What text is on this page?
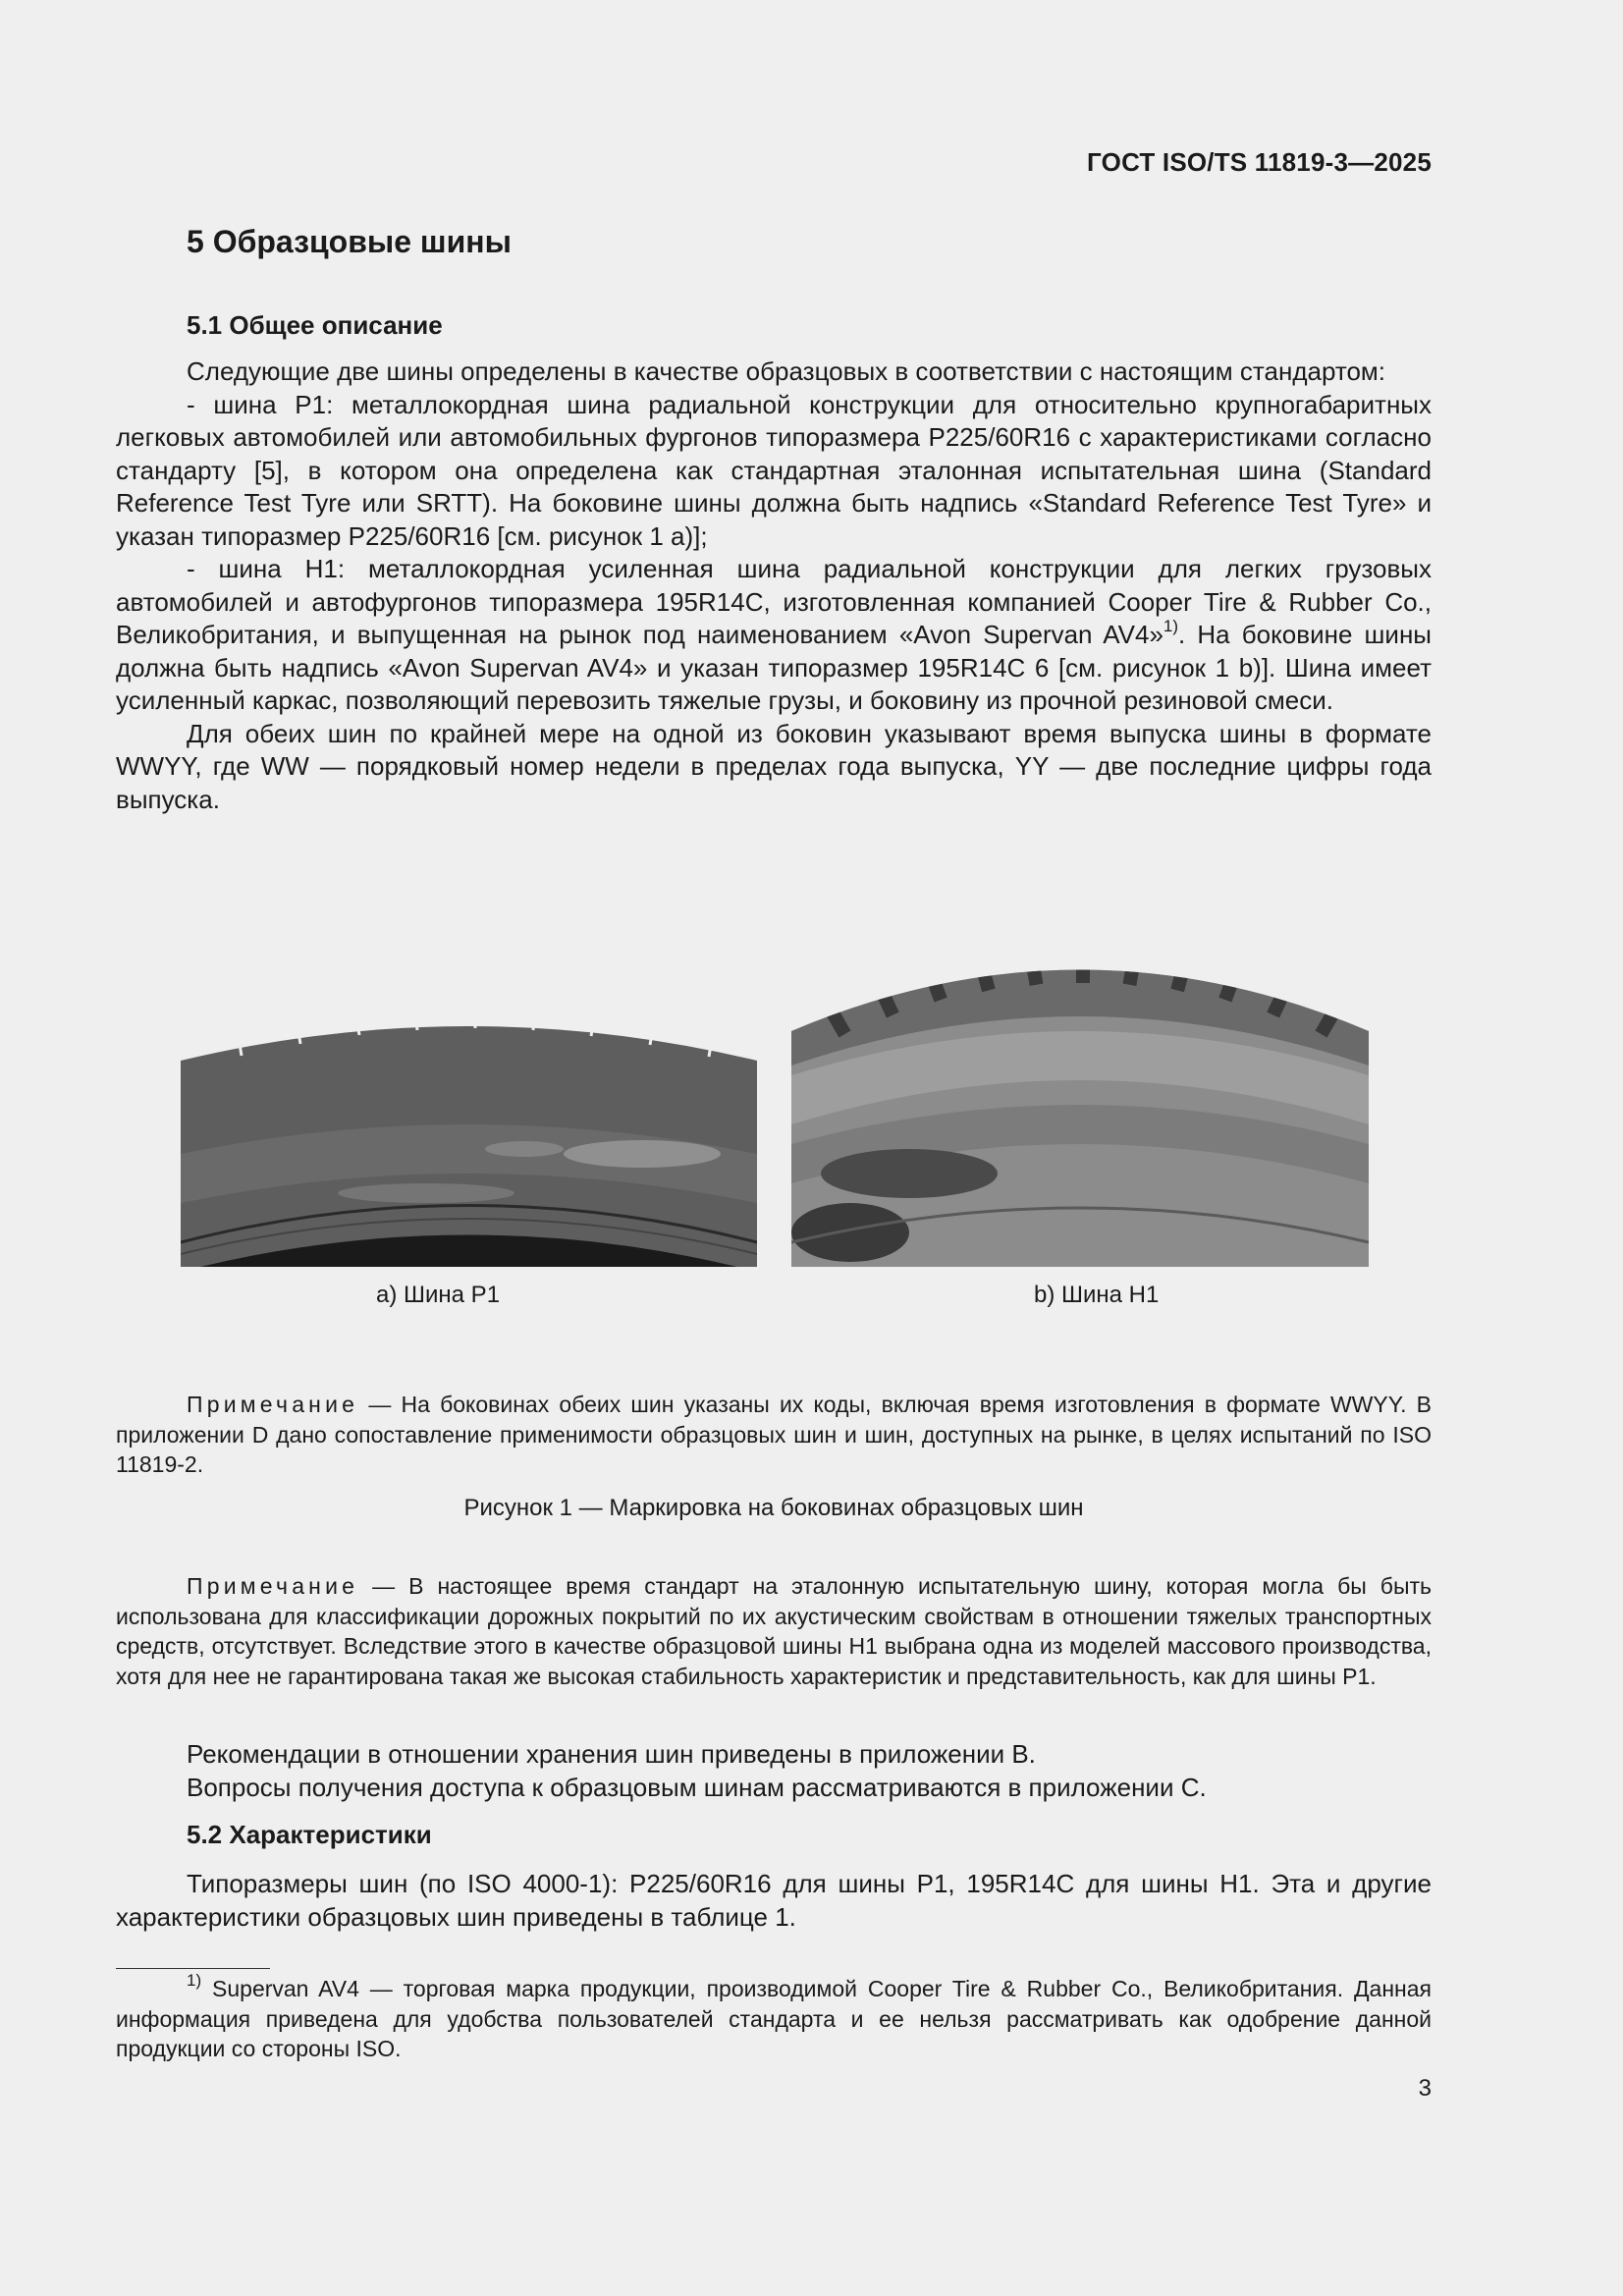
ГОСТ ISO/TS 11819-3—2025
5 Образцовые шины
5.1 Общее описание

Следующие две шины определены в качестве образцовых в соответствии с настоящим стандартом:

- шина P1: металлокордная шина радиальной конструкции для относительно крупногабаритных легковых автомобилей или автомобильных фургонов типоразмера P225/60R16 с характеристиками согласно стандарту [5], в котором она определена как стандартная эталонная испытательная шина (Standard Reference Test Tyre или SRTT). На боковине шины должна быть надпись «Standard Reference Test Tyre» и указан типоразмер P225/60R16 [см. рисунок 1 a)];

- шина H1: металлокордная усиленная шина радиальной конструкции для легких грузовых автомобилей и автофургонов типоразмера 195R14C, изготовленная компанией Cooper Tire & Rubber Co., Великобритания, и выпущенная на рынок под наименованием «Avon Supervan AV4»$^{1)}$. На боковине шины должна быть надпись «Avon Supervan AV4» и указан типоразмер 195R14C 6 [см. рисунок 1 b)]. Шина имеет усиленный каркас, позволяющий перевозить тяжелые грузы, и боковину из прочной резиновой смеси.

Для обеих шин по крайней мере на одной из боковин указывают время выпуска шины в формате WWYY, где WW — порядковый номер недели в пределах года выпуска, YY — две последние цифры года выпуска.

a) Шина P1	b) Шина H1

Примечание — На боковинах обеих шин указаны их коды, включая время изготовления в формате WWYY. В приложении D дано сопоставление применимости образцовых шин и шин, доступных на рынке, в целях испытаний по ISO 11819-2.

Рисунок 1 — Маркировка на боковинах образцовых шин

Примечание — В настоящее время стандарт на эталонную испытательную шину, которая могла бы быть использована для классификации дорожных покрытий по их акустическим свойствам в отношении тяжелых транспортных средств, отсутствует. Вследствие этого в качестве образцовой шины H1 выбрана одна из моделей массового производства, хотя для нее не гарантирована такая же высокая стабильность характеристик и представительность, как для шины P1.

Рекомендации в отношении хранения шин приведены в приложении B.

Вопросы получения доступа к образцовым шинам рассматриваются в приложении C.

5.2 Характеристики

Типоразмеры шин (по ISO 4000-1): P225/60R16 для шины P1, 195R14C для шины H1. Эта и другие характеристики образцовых шин приведены в таблице 1.

$^{1)}$ Supervan AV4 — торговая марка продукции, производимой Cooper Tire & Rubber Co., Великобритания. Данная информация приведена для удобства пользователей стандарта и ее нельзя рассматривать как одобрение данной продукции со стороны ISO.

3
